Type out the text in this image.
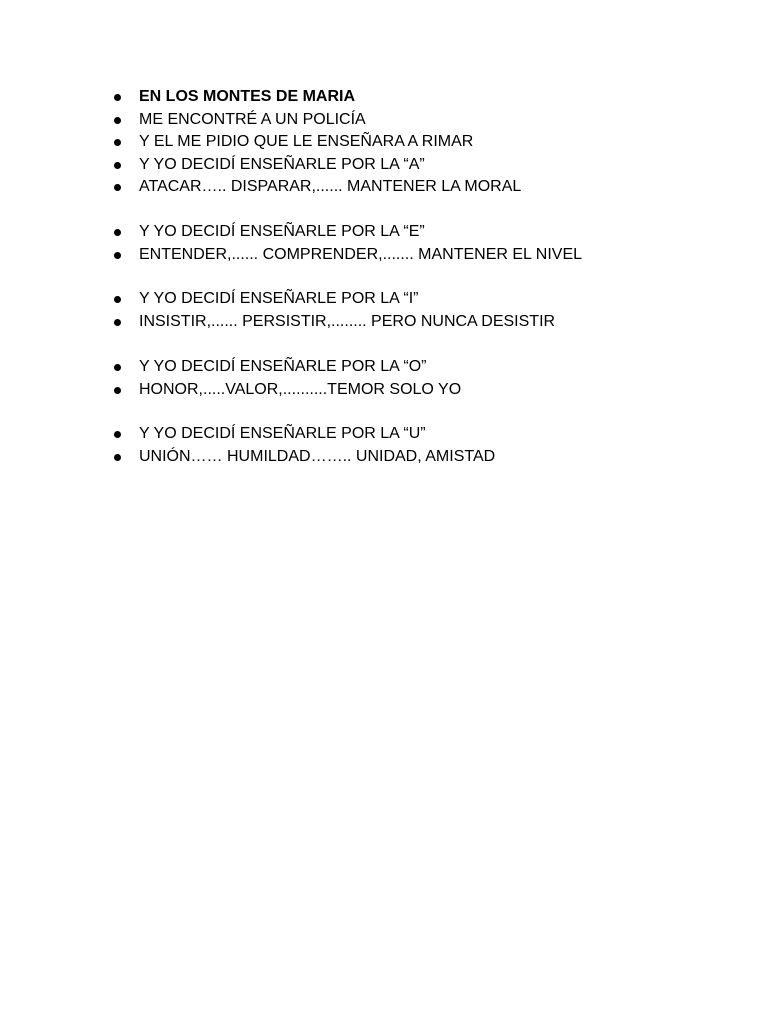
EN LOS MONTES DE MARIA
ME ENCONTRÉ A UN POLICÍA
Y EL ME PIDIO QUE LE ENSEÑARA A RIMAR
Y YO DECIDÍ ENSEÑARLE POR LA “A”
ATACAR….. DISPARAR,...... MANTENER LA MORAL
Y YO DECIDÍ ENSEÑARLE POR LA “E”
ENTENDER,...... COMPRENDER,....... MANTENER EL NIVEL
Y YO DECIDÍ ENSEÑARLE POR LA “I”
INSISTIR,...... PERSISTIR,........ PERO NUNCA DESISTIR
Y YO DECIDÍ ENSEÑARLE POR LA “O”
HONOR,.....VALOR,..........TEMOR SOLO YO
Y YO DECIDÍ ENSEÑARLE POR LA “U”
UNIÓN…… HUMILDAD…….. UNIDAD, AMISTAD
